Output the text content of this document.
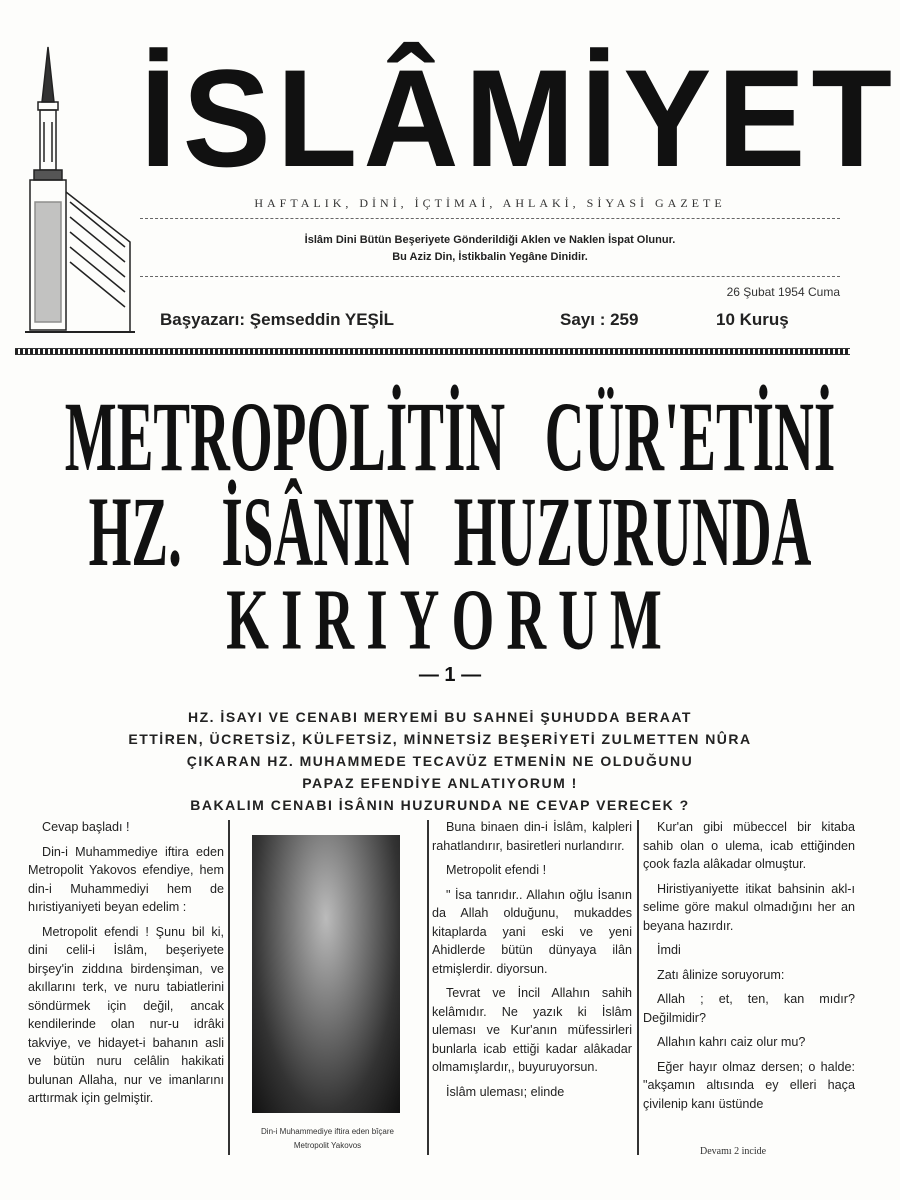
İSLÂMİYET
HAFTALIK, DİNİ, İÇTİMAİ, AHLAKİ, SİYASİ GAZETE
İslâm Dini Bütün Beşeriyete Gönderildiği Aklen ve Naklen İspat Olunur.
Bu Aziz Din, İstikbalin Yegâne Dinidir.
26 Şubat 1954 Cuma
Başyazarı: Şemseddin YEŞİL	Sayı : 259	10 Kuruş
METROPOLİTİN CÜR'ETİNİ
HZ. İSÂNIN HUZURUNDA
KIRIYORUM
— 1 —
HZ. İSAYI VE CENABI MERYEMİ BU SAHNEİ ŞUHUDDA BERAAT
ETTİREN, ÜCRETSİZ, KÜLFETSİZ, MİNNETSİZ BEŞERİYETİ ZULMETTEN NÛRA
ÇIKARAN HZ. MUHAMMEDE TECAVÜZ ETMENİN NE OLDUĞUNU
PAPAZ EFENDİYE ANLATIYORUM !
BAKALIM CENABI İSÂNIN HUZURUNDA NE CEVAP VERECEK ?

Cevap başladı !

Din-i Muhammediye iftira eden Metropolit Yakovos efendiye, hem din-i Muhammediyi hem de hıristiyaniyeti beyan edelim :

Metropolit efendi ! Şunu bil ki, dini celil-i İslâm, beşeriyete birşey'in ziddına birdenşiman, ve akıllarını terk, ve nuru tabiatlerini söndürmek için değil, ancak kendilerinde olan nur-u idrâki takviye, ve hidayet-i bahanın asli ve bütün nuru celâlin hakikati bulunan Allaha, nur ve imanlarını arttırmak için gelmiştir.

Din-i Muhammediye iftira eden bîçare
Metropolit Yakovos

Buna binaen din-i İslâm, kalpleri rahatlandırır, basiretleri nurlandırır.

Metropolit efendi !

" İsa tanrıdır.. Allahın oğlu İsanın da Allah olduğunu, mukaddes kitaplarda yani eski ve yeni Ahidlerde bütün dünyaya ilân etmişlerdir. diyorsun.

Tevrat ve İncil Allahın sahih kelâmıdır. Ne yazık ki İslâm uleması ve Kur'anın müfessirleri bunlarla icab ettiği kadar alâkadar olmamışlardır,, buyuruyorsun.

İslâm uleması; elinde

Kur'an gibi mübeccel bir kitaba sahib olan o ulema, icab ettiğinden çook fazla alâkadar olmuştur.

Hiristiyaniyette itikat bahsinin akl-ı selime göre makul olmadığını her an beyana hazırdır.

İmdi

Zatı âlinize soruyorum:

Allah ; et, ten, kan mıdır? Değilmidir?

Allahın kahrı caiz olur mu?

Eğer hayır olmaz dersen; o halde: "akşamın altısında ey elleri haça çivilenip kanı üstünde

Devamı 2 incide
